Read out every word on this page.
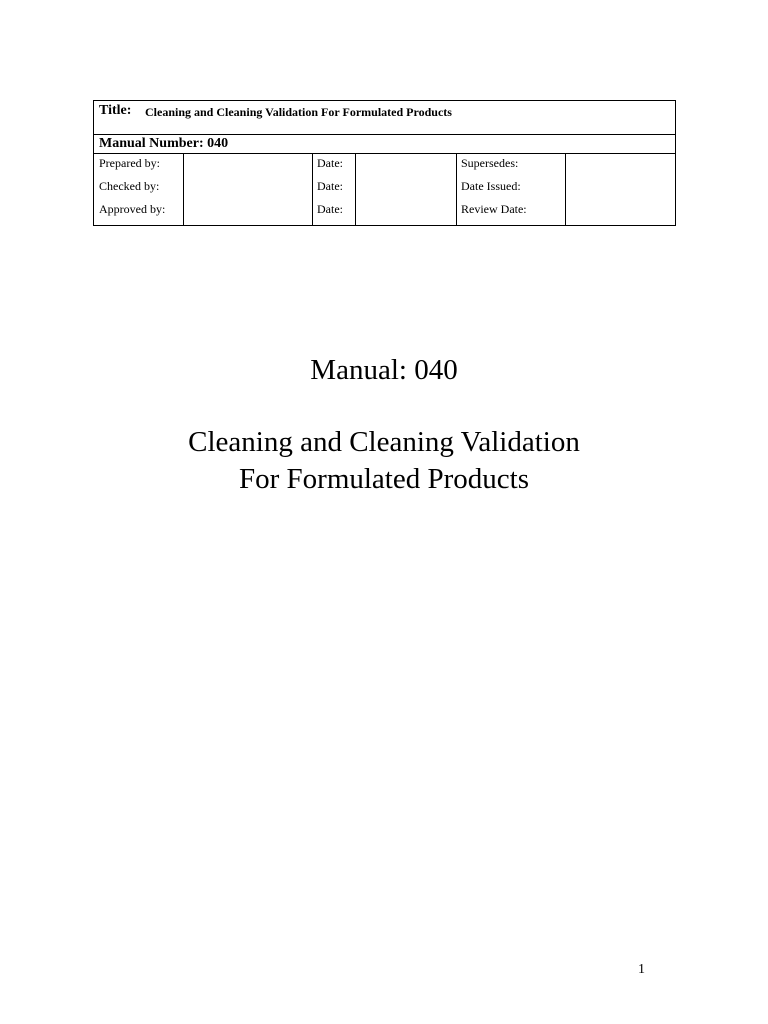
Title: Cleaning and Cleaning Validation For Formulated Products
Manual Number: 040
Prepared by:	Date:	Supersedes:
Checked by:	Date:	Date Issued:
Approved by:	Date:	Review Date:
Manual: 040
Cleaning and Cleaning Validation
For Formulated Products
1
